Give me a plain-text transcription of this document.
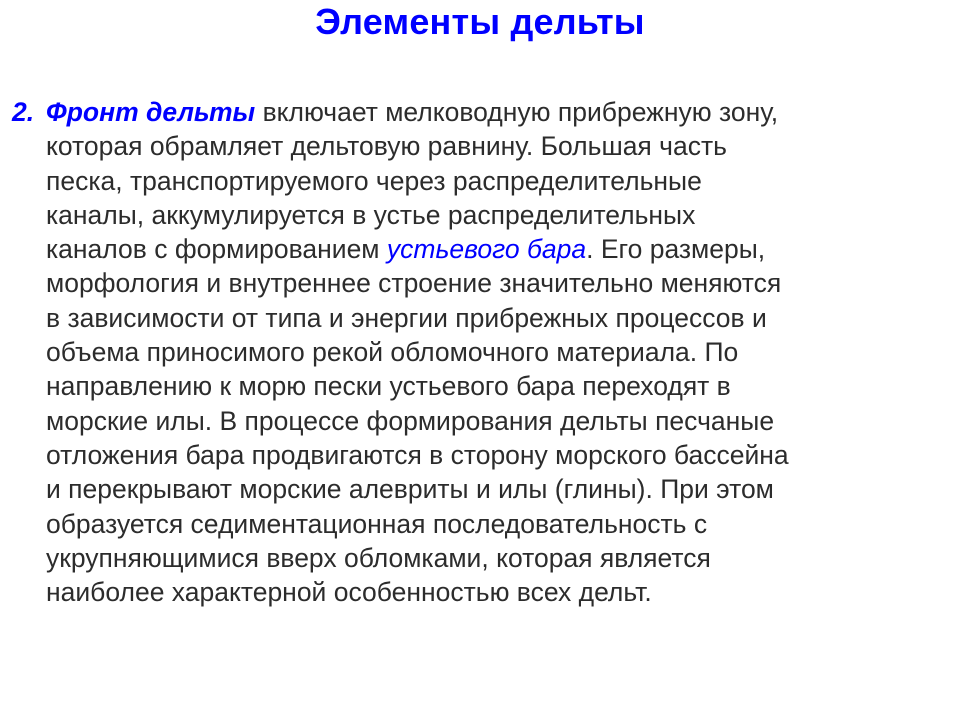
Элементы дельты
2. Фронт дельты включает мелководную прибрежную зону,
которая обрамляет дельтовую равнину. Большая часть
песка, транспортируемого через распределительные
каналы, аккумулируется в устье распределительных
каналов с формированием устьевого бара. Его размеры,
морфология и внутреннее строение значительно меняются
в зависимости от типа и энергии прибрежных процессов и
объема приносимого рекой обломочного материала. По
направлению к морю пески устьевого бара переходят в
морские илы. В процессе формирования дельты песчаные
отложения бара продвигаются в сторону морского бассейна
и перекрывают морские алевриты и илы (глины). При этом
образуется седиментационная последовательность с
укрупняющимися вверх обломками, которая является
наиболее характерной особенностью всех дельт.
